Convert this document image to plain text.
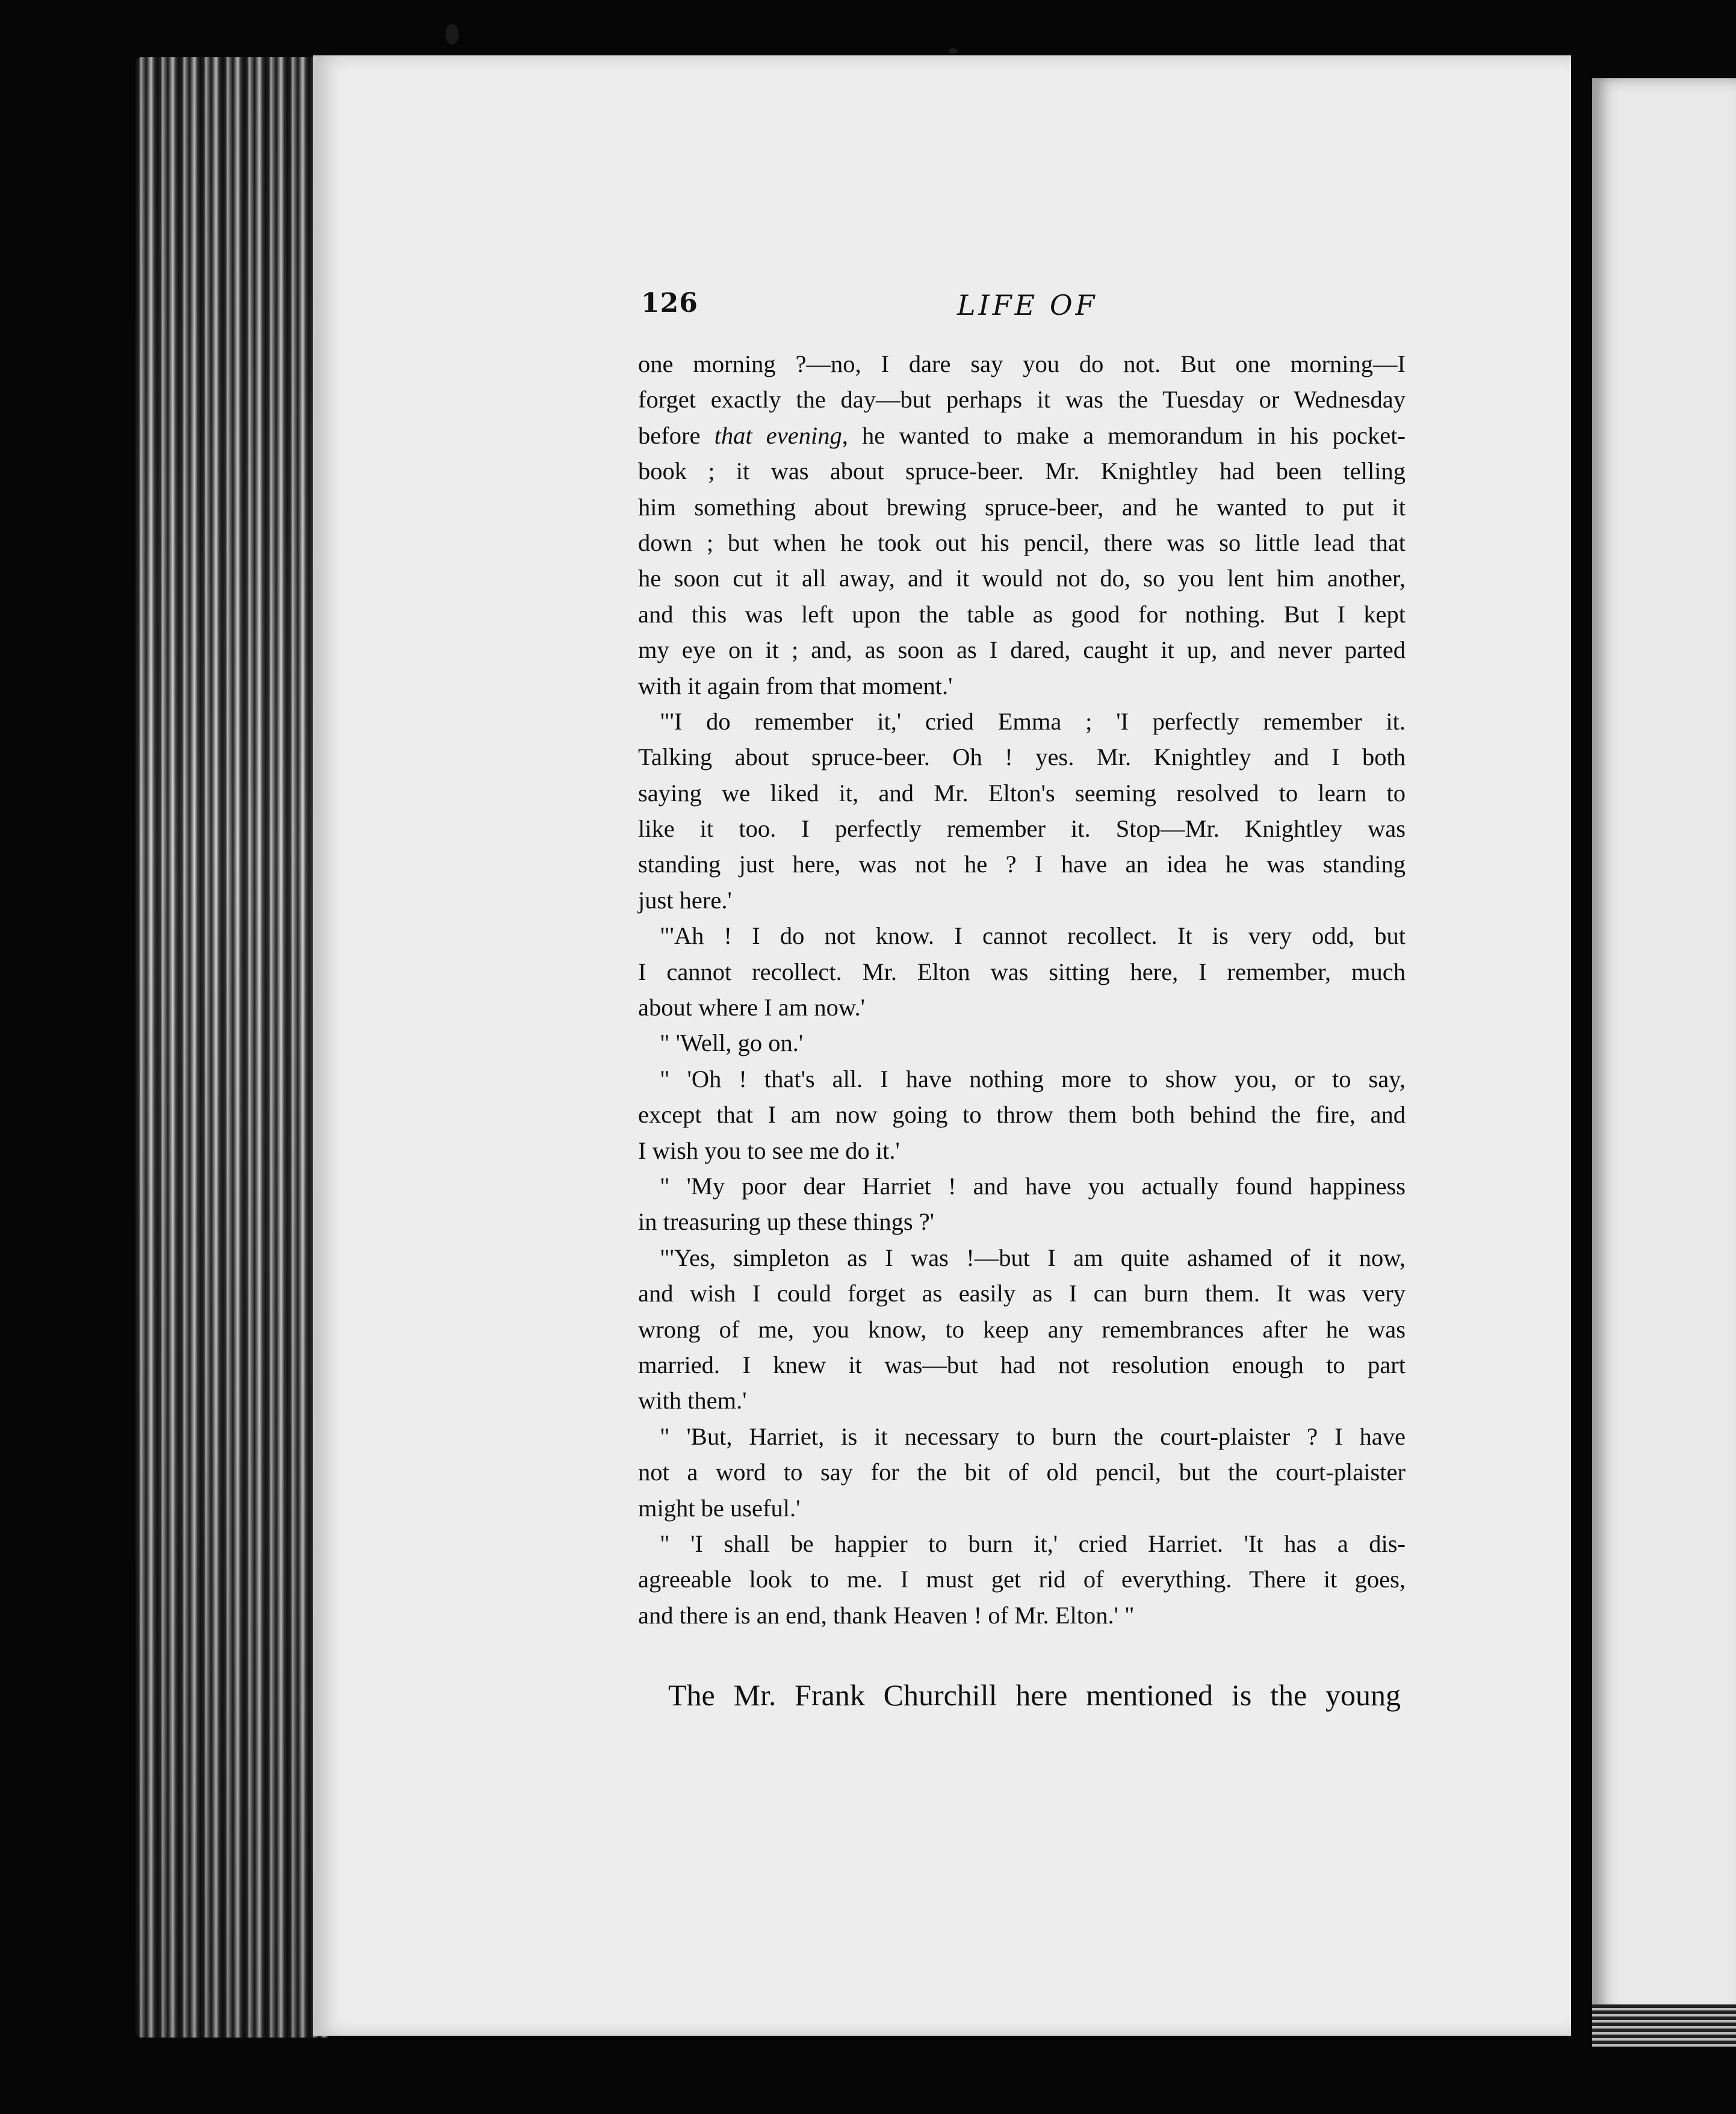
126	LIFE OF
one morning ?—no, I dare say you do not. But one morning—I
forget exactly the day—but perhaps it was the Tuesday or Wednesday
before that evening, he wanted to make a memorandum in his pocket-
book ; it was about spruce-beer. Mr. Knightley had been telling
him something about brewing spruce-beer, and he wanted to put it
down ; but when he took out his pencil, there was so little lead that
he soon cut it all away, and it would not do, so you lent him another,
and this was left upon the table as good for nothing. But I kept
my eye on it ; and, as soon as I dared, caught it up, and never parted
with it again from that moment.'
"'I do remember it,' cried Emma ; 'I perfectly remember it.
Talking about spruce-beer. Oh ! yes. Mr. Knightley and I both
saying we liked it, and Mr. Elton's seeming resolved to learn to
like it too. I perfectly remember it. Stop—Mr. Knightley was
standing just here, was not he ? I have an idea he was standing
just here.'
"'Ah ! I do not know. I cannot recollect. It is very odd, but
I cannot recollect. Mr. Elton was sitting here, I remember, much
about where I am now.'
" 'Well, go on.'
" 'Oh ! that's all. I have nothing more to show you, or to say,
except that I am now going to throw them both behind the fire, and
I wish you to see me do it.'
" 'My poor dear Harriet ! and have you actually found happiness
in treasuring up these things ?'
"'Yes, simpleton as I was !—but I am quite ashamed of it now,
and wish I could forget as easily as I can burn them. It was very
wrong of me, you know, to keep any remembrances after he was
married. I knew it was—but had not resolution enough to part
with them.'
" 'But, Harriet, is it necessary to burn the court-plaister ? I have
not a word to say for the bit of old pencil, but the court-plaister
might be useful.'
" 'I shall be happier to burn it,' cried Harriet. 'It has a dis-
agreeable look to me. I must get rid of everything. There it goes,
and there is an end, thank Heaven ! of Mr. Elton.' "
The Mr. Frank Churchill here mentioned is the young
